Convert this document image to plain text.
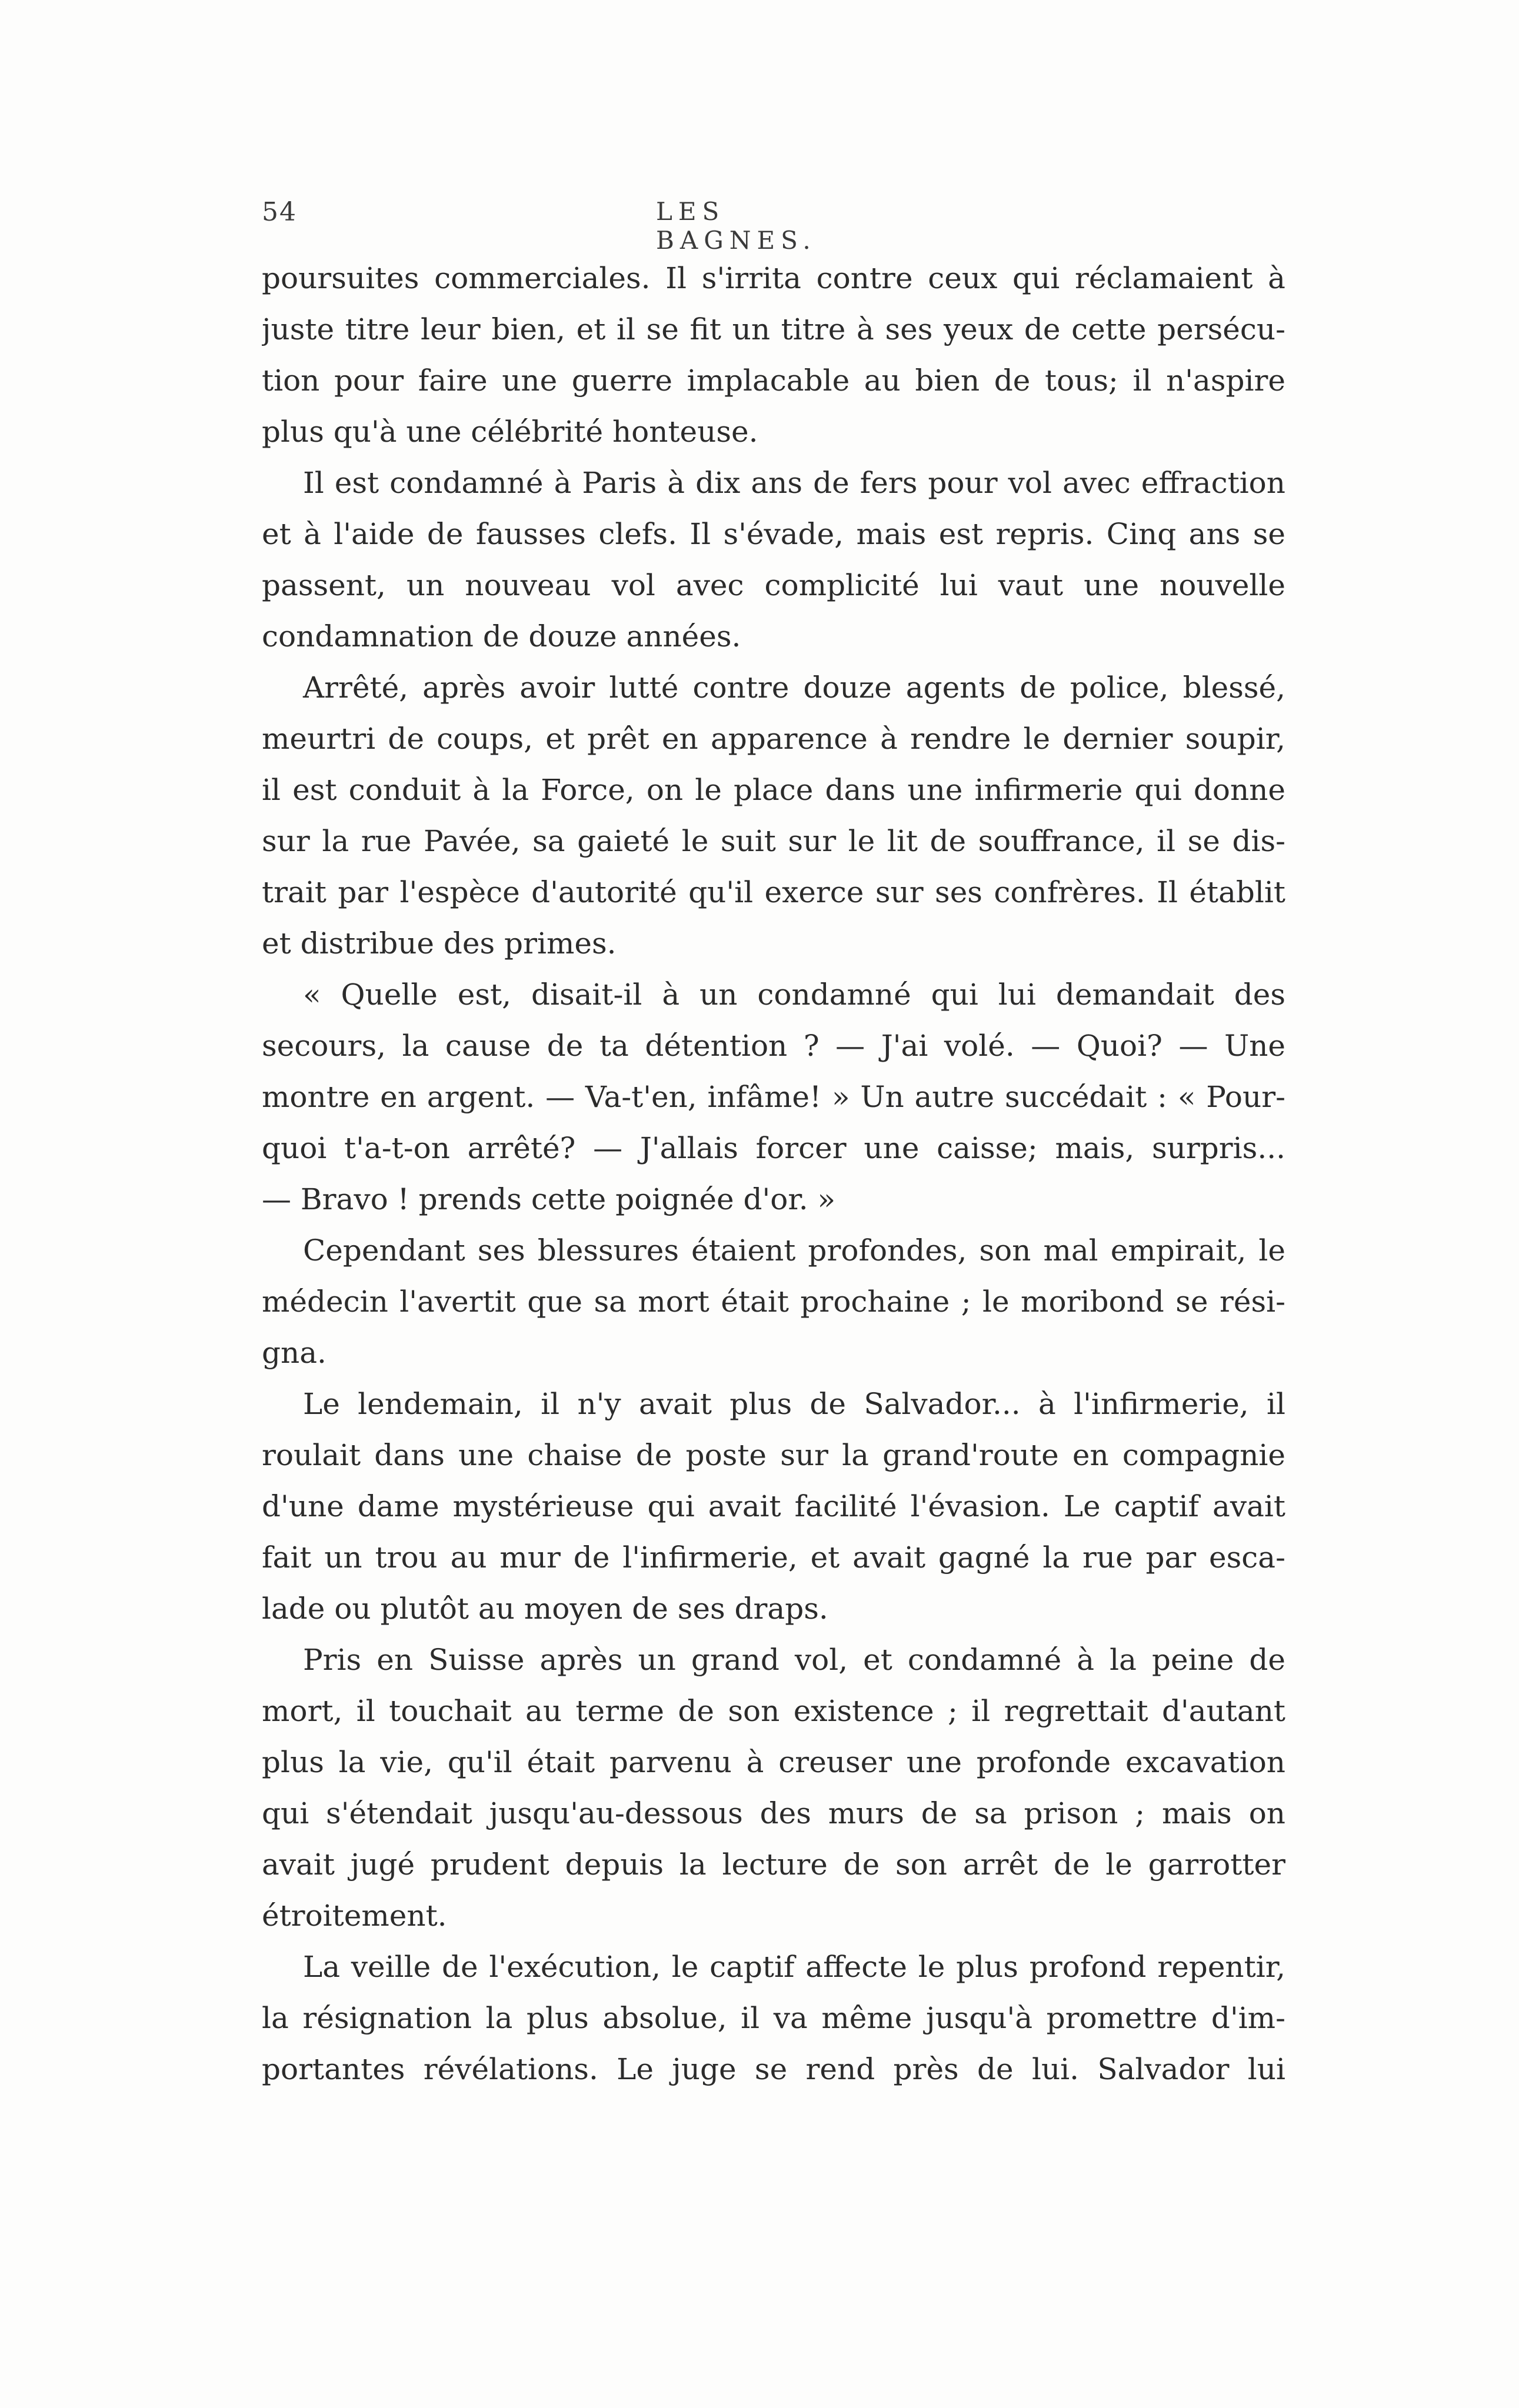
54	LES BAGNES.
poursuites commerciales. Il s'irrita contre ceux qui réclamaient à
juste titre leur bien, et il se fit un titre à ses yeux de cette persécu-
tion pour faire une guerre implacable au bien de tous; il n'aspire
plus qu'à une célébrité honteuse.
Il est condamné à Paris à dix ans de fers pour vol avec effraction
et à l'aide de fausses clefs. Il s'évade, mais est repris. Cinq ans se
passent, un nouveau vol avec complicité lui vaut une nouvelle
condamnation de douze années.
Arrêté, après avoir lutté contre douze agents de police, blessé,
meurtri de coups, et prêt en apparence à rendre le dernier soupir,
il est conduit à la Force, on le place dans une infirmerie qui donne
sur la rue Pavée, sa gaieté le suit sur le lit de souffrance, il se dis-
trait par l'espèce d'autorité qu'il exerce sur ses confrères. Il établit
et distribue des primes.
« Quelle est, disait-il à un condamné qui lui demandait des
secours, la cause de ta détention ? — J'ai volé. — Quoi? — Une
montre en argent. — Va-t'en, infâme! » Un autre succédait : « Pour-
quoi t'a-t-on arrêté? — J'allais forcer une caisse; mais, surpris...
— Bravo ! prends cette poignée d'or. »
Cependant ses blessures étaient profondes, son mal empirait, le
médecin l'avertit que sa mort était prochaine ; le moribond se rési-
gna.
Le lendemain, il n'y avait plus de Salvador... à l'infirmerie, il
roulait dans une chaise de poste sur la grand'route en compagnie
d'une dame mystérieuse qui avait facilité l'évasion. Le captif avait
fait un trou au mur de l'infirmerie, et avait gagné la rue par esca-
lade ou plutôt au moyen de ses draps.
Pris en Suisse après un grand vol, et condamné à la peine de
mort, il touchait au terme de son existence ; il regrettait d'autant
plus la vie, qu'il était parvenu à creuser une profonde excavation
qui s'étendait jusqu'au-dessous des murs de sa prison ; mais on
avait jugé prudent depuis la lecture de son arrêt de le garrotter
étroitement.
La veille de l'exécution, le captif affecte le plus profond repentir,
la résignation la plus absolue, il va même jusqu'à promettre d'im-
portantes révélations. Le juge se rend près de lui. Salvador lui
